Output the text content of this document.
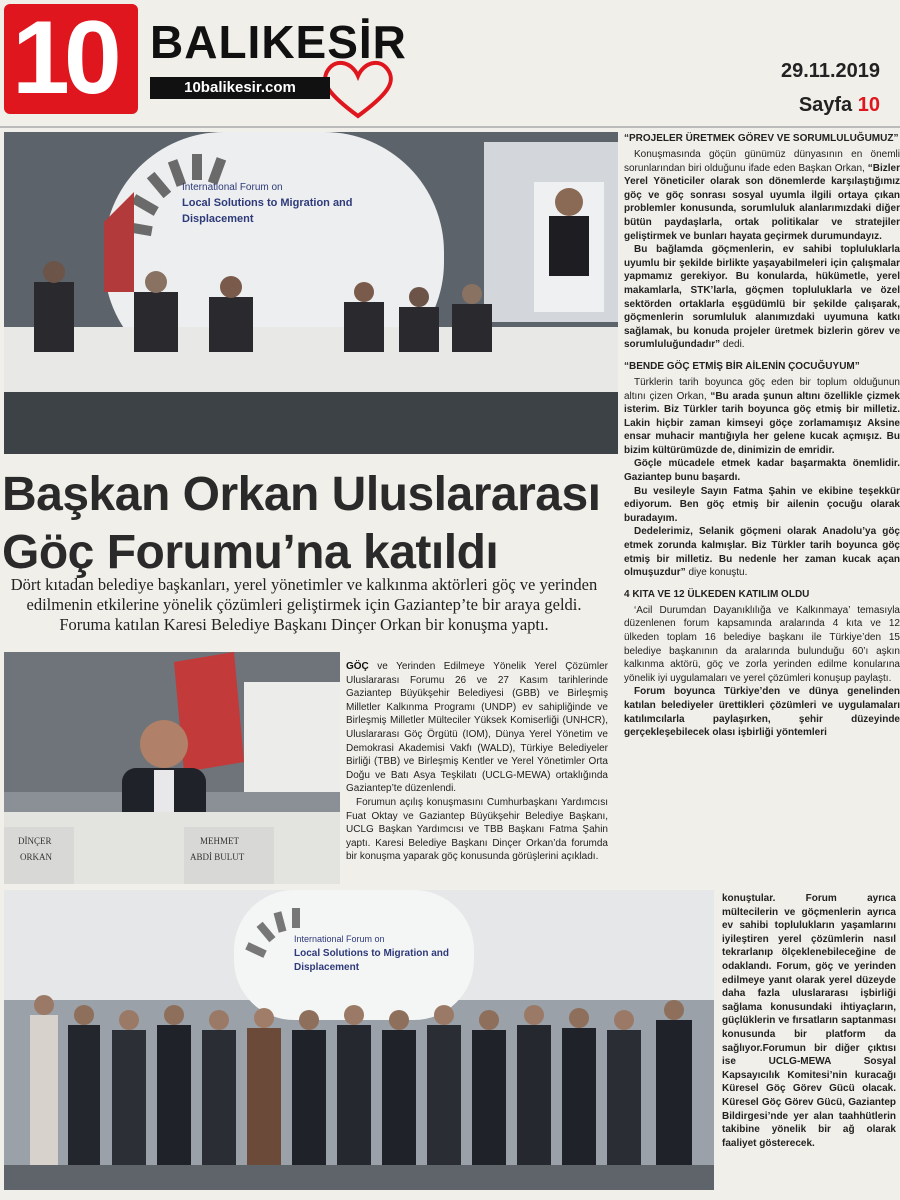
10 BALIKESİR
10balikesir.com
29.11.2019
Sayfa 10
International Forum on
Local Solutions to Migration and
Displacement
Başkan Orkan Uluslararası
Göç Forumu’na katıldı
Dört kıtadan belediye başkanları, yerel yönetimler ve kalkınma aktörleri göç ve yerinden edilmenin etkilerine yönelik çözümleri geliştirmek için Gaziantep’te bir araya geldi. Foruma katılan Karesi Belediye Başkanı Dinçer Orkan bir konuşma yaptı.
DİNÇER
ORKAN
MEHMET
ABDİ BULUT

GÖÇ ve Yerinden Edilmeye Yönelik Yerel Çözümler Uluslararası Forumu 26 ve 27 Kasım tarihlerinde Gaziantep Büyükşehir Belediyesi (GBB) ve Birleşmiş Milletler Kalkınma Programı (UNDP) ev sahipliğinde ve Birleşmiş Milletler Mülteciler Yüksek Komiserliği (UNHCR), Uluslararası Göç Örgütü (IOM), Dünya Yerel Yönetim ve Demokrasi Akademisi Vakfı (WALD), Türkiye Belediyeler Birliği (TBB) ve Birleşmiş Kentler ve Yerel Yönetimler Orta Doğu ve Batı Asya Teşkilatı (UCLG-MEWA) ortaklığında Gaziantep’te düzenlendi.

Forumun açılış konuşmasını Cumhurbaşkanı Yardımcısı Fuat Oktay ve Gaziantep Büyükşehir Belediye Başkanı, UCLG Başkan Yardımcısı ve TBB Başkanı Fatma Şahin yaptı. Karesi Belediye Başkanı Dinçer Orkan’da forumda bir konuşma yaparak göç konusunda görüşlerini açıkladı.

International Forum on
Local Solutions to Migration and
Displacement
“PROJELER ÜRETMEK GÖREV VE SORUMLULUĞUMUZ”

Konuşmasında göçün günümüz dünyasının en önemli sorunlarından biri olduğunu ifade eden Başkan Orkan, “Bizler Yerel Yöneticiler olarak son dönemlerde karşılaştığımız göç ve göç sonrası sosyal uyumla ilgili ortaya çıkan problemler konusunda, sorumluluk alanlarımızdaki diğer bütün paydaşlarla, ortak politikalar ve stratejiler geliştirmek ve bunları hayata geçirmek durumundayız.

Bu bağlamda göçmenlerin, ev sahibi topluluklarla uyumlu bir şekilde birlikte yaşayabilmeleri için çalışmalar yapmamız gerekiyor. Bu konularda, hükümetle, yerel makamlarla, STK’larla, göçmen topluluklarla ve özel sektörden ortaklarla eşgüdümlü bir şekilde çalışarak, göçmenlerin sorumluluk alanımızdaki uyumuna katkı sağlamak, bu konuda projeler üretmek bizlerin görev ve sorumluluğundadır” dedi.

“BENDE GÖÇ ETMİŞ BİR AİLENİN ÇOCUĞUYUM”

Türklerin tarih boyunca göç eden bir toplum olduğunun altını çizen Orkan, “Bu arada şunun altını özellikle çizmek isterim. Biz Türkler tarih boyunca göç etmiş bir milletiz. Lakin hiçbir zaman kimseyi göçe zorlamamışız Aksine ensar muhacir mantığıyla her gelene kucak açmışız. Bu bizim kültürümüzde de, dinimizin de emridir.

Göçle mücadele etmek kadar başarmakta önemlidir. Gaziantep bunu başardı.

Bu vesileyle Sayın Fatma Şahin ve ekibine teşekkür ediyorum. Ben göç etmiş bir ailenin çocuğu olarak buradayım.

Dedelerimiz, Selanik göçmeni olarak Anadolu’ya göç etmek zorunda kalmışlar. Biz Türkler tarih boyunca göç etmiş bir milletiz. Bu nedenle her zaman kucak açan olmuşuzdur” diye konuştu.

4 KITA VE 12 ÜLKEDEN KATILIM OLDU

‘Acil Durumdan Dayanıklılığa ve Kalkınmaya’ temasıyla düzenlenen forum kapsamında aralarında 4 kıta ve 12 ülkeden toplam 16 belediye başkanı ile Türkiye’den 15 belediye başkanının da aralarında bulunduğu 60’ı aşkın kalkınma aktörü, göç ve zorla yerinden edilme konularına yönelik iyi uygulamaları ve yerel çözümleri konuşup paylaştı.

Forum boyunca Türkiye’den ve dünya genelinden katılan belediyeler ürettikleri çözümleri ve uygulamaları katılımcılarla paylaşırken, şehir düzeyinde gerçekleşebilecek olası işbirliği yöntemleri

konuştular. Forum ayrıca mültecilerin ve göçmenlerin ayrıca ev sahibi toplulukların yaşamlarını iyileştiren yerel çözümlerin nasıl tekrarlanıp ölçeklenebileceğine de odaklandı. Forum, göç ve yerinden edilmeye yanıt olarak yerel düzeyde daha fazla uluslararası işbirliği sağlama konusundaki ihtiyaçların, güçlüklerin ve fırsatların saptanması konusunda bir platform da sağlıyor.Forumun bir diğer çıktısı ise UCLG-MEWA Sosyal Kapsayıcılık Komitesi’nin kuracağı Küresel Göç Görev Gücü olacak. Küresel Göç Görev Gücü, Gaziantep Bildirgesi’nde yer alan taahhütlerin takibine yönelik bir ağ olarak faaliyet gösterecek.
